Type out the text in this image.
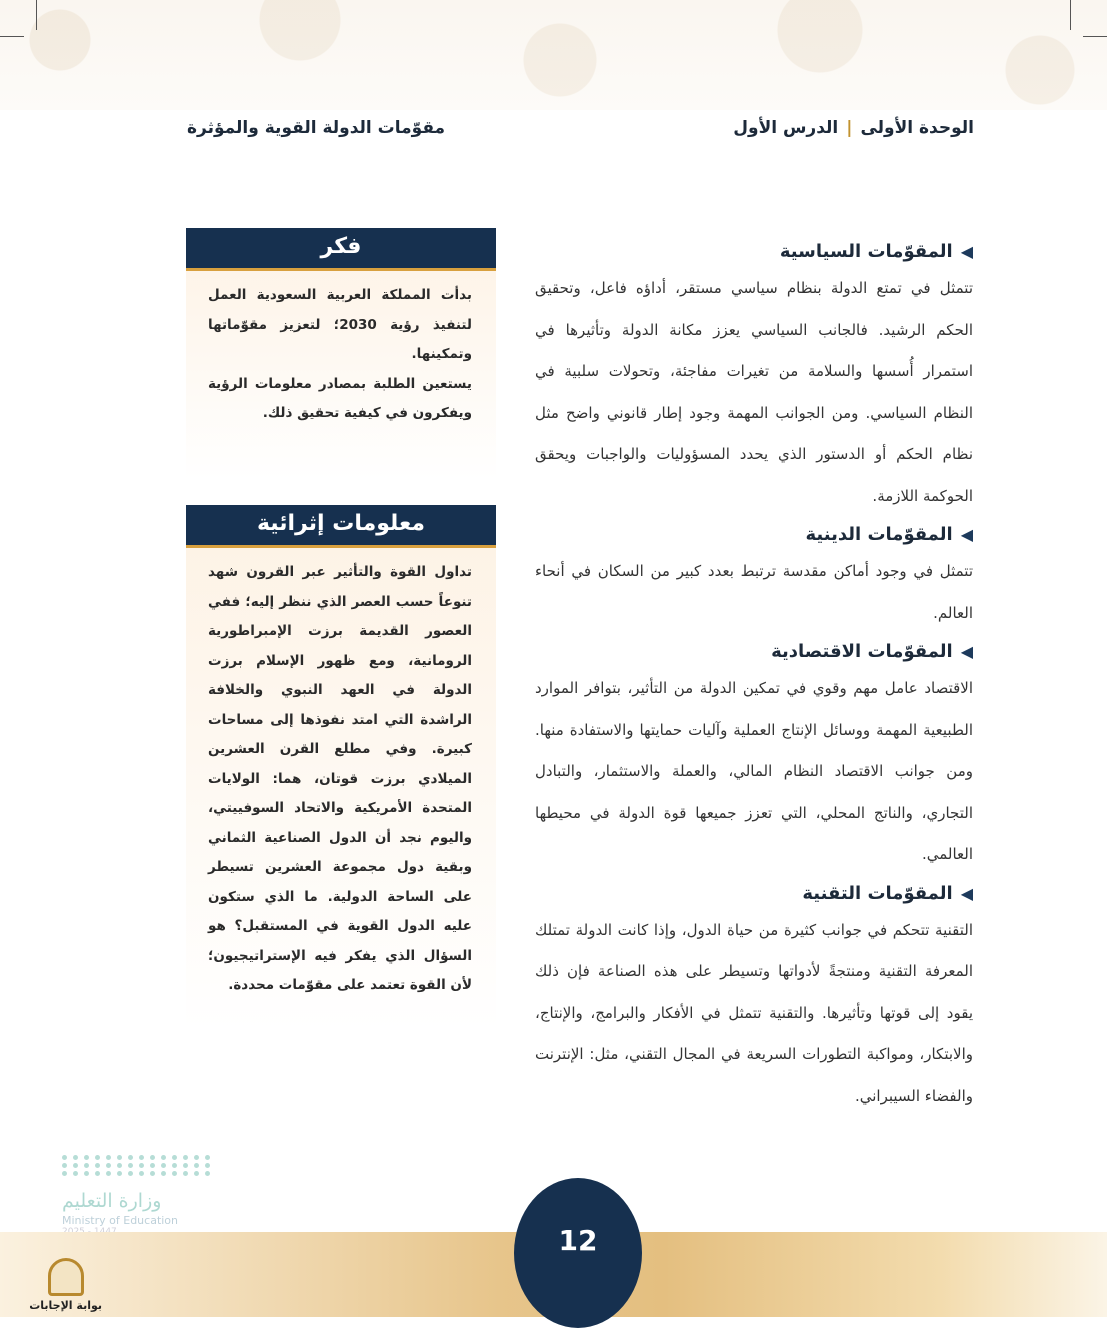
الوحدة الأولى|الدرس الأول
مقوّمات الدولة القوية والمؤثرة
◀
المقوّمات السياسية

تتمثل في تمتع الدولة بنظام سياسي مستقر، أداؤه فاعل، وتحقيق الحكم الرشيد. فالجانب السياسي يعزز مكانة الدولة وتأثيرها في استمرار أُسسها والسلامة من تغيرات مفاجئة، وتحولات سلبية في النظام السياسي. ومن الجوانب المهمة وجود إطار قانوني واضح مثل نظام الحكم أو الدستور الذي يحدد المسؤوليات والواجبات ويحقق الحوكمة اللازمة.

◀
المقوّمات الدينية

تتمثل في وجود أماكن مقدسة ترتبط بعدد كبير من السكان في أنحاء العالم.

◀
المقوّمات الاقتصادية

الاقتصاد عامل مهم وقوي في تمكين الدولة من التأثير، بتوافر الموارد الطبيعية المهمة ووسائل الإنتاج العملية وآليات حمايتها والاستفادة منها. ومن جوانب الاقتصاد النظام المالي، والعملة والاستثمار، والتبادل التجاري، والناتج المحلي، التي تعزز جميعها قوة الدولة في محيطها العالمي.

◀
المقوّمات التقنية

التقنية تتحكم في جوانب كثيرة من حياة الدول، وإذا كانت الدولة تمتلك المعرفة التقنية ومنتجةً لأدواتها وتسيطر على هذه الصناعة فإن ذلك يقود إلى قوتها وتأثيرها. والتقنية تتمثل في الأفكار والبرامج، والإنتاج، والابتكار، ومواكبة التطورات السريعة في المجال التقني، مثل: الإنترنت والفضاء السيبراني.

فكر

بدأت المملكة العربية السعودية العمل لتنفيذ رؤية 2030؛ لتعزيز مقوّماتها وتمكينها.

يستعين الطلبة بمصادر معلومات الرؤية ويفكرون في كيفية تحقيق ذلك.

معلومات إثرائية
تداول القوة والتأثير عبر القرون شهد تنوعاً حسب العصر الذي ننظر إليه؛ ففي العصور القديمة برزت الإمبراطورية الرومانية، ومع ظهور الإسلام برزت الدولة في العهد النبوي والخلافة الراشدة التي امتد نفوذها إلى مساحات كبيرة. وفي مطلع القرن العشرين الميلادي برزت قوتان، هما: الولايات المتحدة الأمريكية والاتحاد السوفييتي، واليوم نجد أن الدول الصناعية الثماني وبقية دول مجموعة العشرين تسيطر على الساحة الدولية. ما الذي ستكون عليه الدول القوية في المستقبل؟ هو السؤال الذي يفكر فيه الإستراتيجيون؛ لأن القوة تعتمد على مقوّمات محددة.
وزارة التعليم
Ministry of Education
12
بوابة الإجابات
